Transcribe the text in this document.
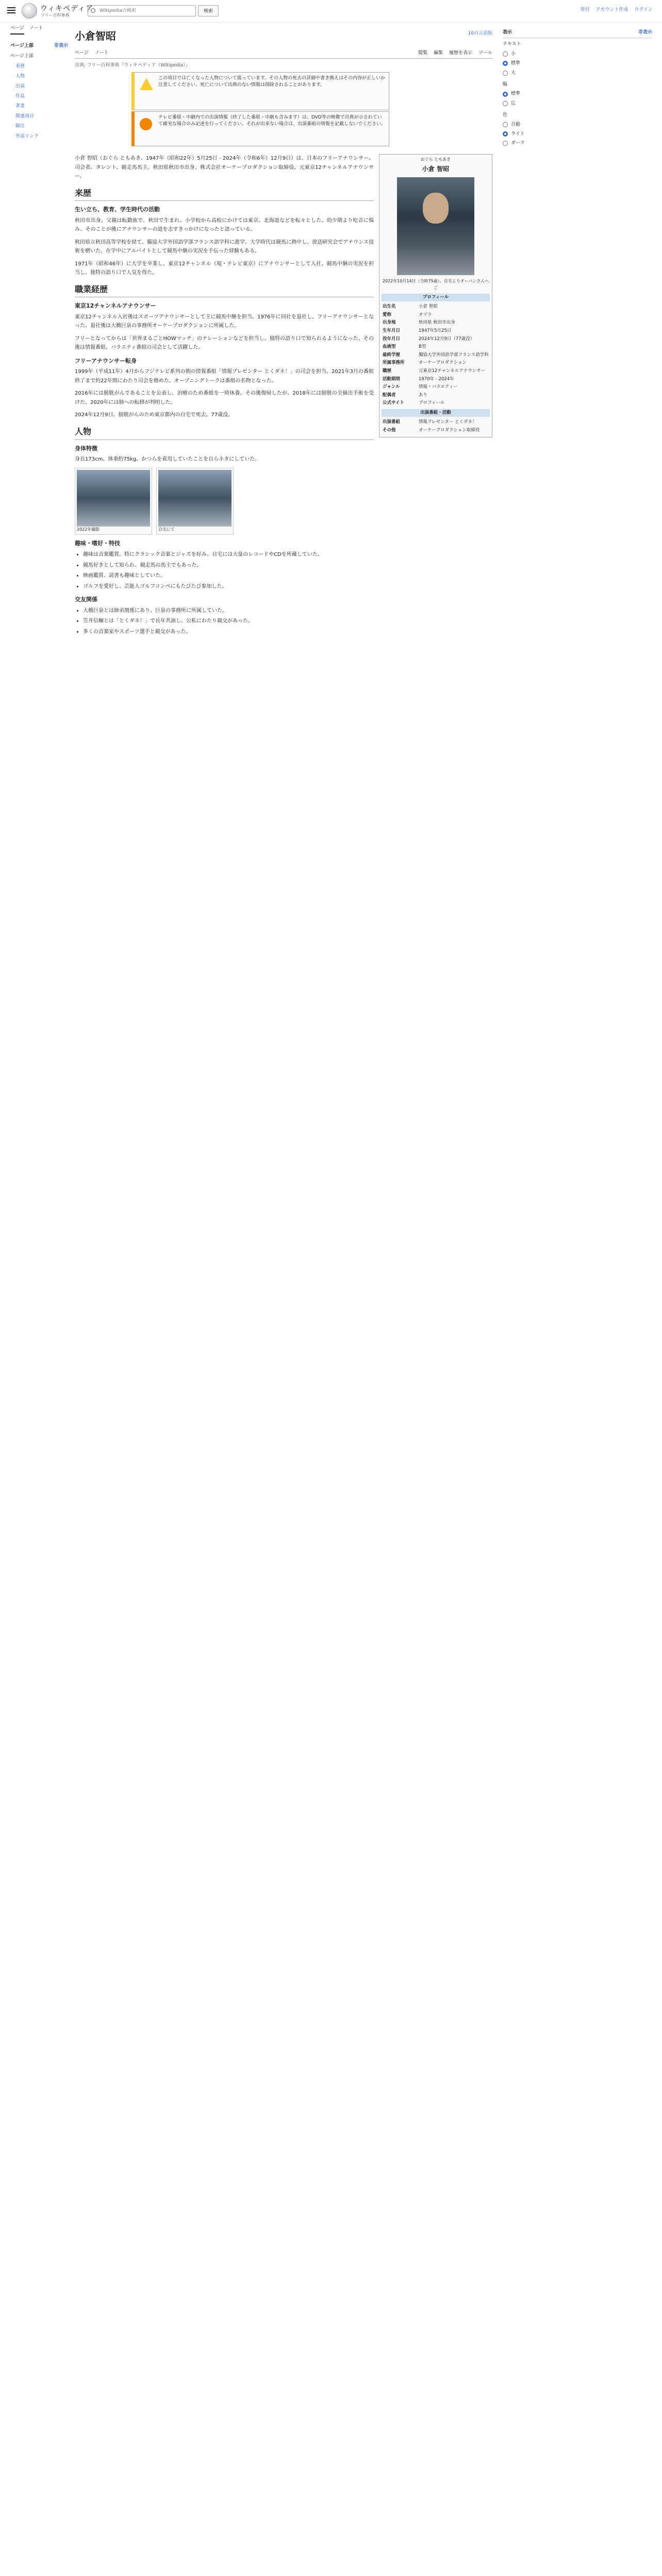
ウィキペディア
フリー百科事典
Wikipediaの検索	検索	寄付 アカウント作成 ログイン
ページ ノート
ページ上部	非表示
ページ上部
来歴
人物
出演
作品
著書
関連項目
脚注
外部リンク
小倉智昭	10の言語版
ページ ノート	閲覧 編集 履歴を表示 ツール
出典: フリー百科事典『ウィキペディア（Wikipedia）』
この項目では亡くなった人物について扱っています。その人物の死去の詳細や書き換えはその内容が正しいか注意してください。死亡について出典のない情報は削除されることがあります。
テレビ番組・中継内での出演情報（終了した番組・中継も含みます）は、DVD等の映像で出典が示されていて確実な場合のみ記述を行ってください。それが出来ない場合は、出演番組の情報を記載しないでください。
おぐら ともあき
小倉 智昭
2022年10月14日（当時75歳）、自宅よりオーバンさんへご
プロフィール
出生名	小倉 智昭
愛称	オヅラ
出身地	秋田県 秋田市出身
生年月日	1947年5月25日
没年月日	2024年12月9日（77歳没）
血液型	B型
最終学歴	獨協大学外国語学部フランス語学科
所属事務所	オーケープロダクション
職歴	元東京12チャンネルアナウンサー
活動期間	1970年 - 2024年
ジャンル	情報・バラエティー
配偶者	あり
公式サイト	プロフィール
出演番組・活動
出演番組	情報プレゼンター とくダネ！
その他	オーケープロダクション取締役

小倉 智昭（おぐら ともあき、1947年（昭和22年）5月25日 - 2024年（令和6年）12月9日）は、日本のフリーアナウンサー、司会者、タレント、競走馬馬主。秋田県秋田市出身。株式会社オーケープロダクション取締役。元東京12チャンネルアナウンサー。

来歴
生い立ち、教育、学生時代の活動

秋田市出身。父親は転勤族で、秋田で生まれ、小学校から高校にかけては東京、北海道などを転々とした。幼少期より吃音に悩み、そのことが後にアナウンサーの道を志すきっかけになったと語っている。

秋田県立秋田高等学校を経て、獨協大学外国語学部フランス語学科に進学。大学時代は競馬に熱中し、放送研究会でアナウンス技術を磨いた。在学中にアルバイトとして競馬中継の実況を手伝った経験もある。

1971年（昭和46年）に大学を卒業し、東京12チャンネル（現・テレビ東京）にアナウンサーとして入社。競馬中継の実況を担当し、独特の語り口で人気を得た。

職業経歴
東京12チャンネルアナウンサー

東京12チャンネル入社後はスポーツアナウンサーとして主に競馬中継を担当。1976年に同社を退社し、フリーアナウンサーとなった。退社後は大橋巨泉の事務所オーケープロダクションに所属した。

フリーとなってからは「世界まるごとHOWマッチ」のナレーションなどを担当し、独特の語り口で知られるようになった。その後は情報番組、バラエティ番組の司会として活躍した。

フリーアナウンサー転身

1999年（平成11年）4月からフジテレビ系列の朝の情報番組「情報プレゼンター とくダネ！」の司会を担当。2021年3月の番組終了まで約22年間にわたり司会を務めた。オープニングトークは番組の名物となった。

2016年には膀胱がんであることを公表し、治療のため番組を一時休養。その後復帰したが、2018年には膀胱の全摘出手術を受けた。2020年には肺への転移が判明した。

2024年12月9日、膀胱がんのため東京都内の自宅で死去。77歳没。

人物
身体特徴

身長173cm、体重約75kg。かつらを着用していたことを自らネタにしていた。

2022年撮影	自宅にて
趣味・嗜好・特技
• 趣味は音楽鑑賞。特にクラシック音楽とジャズを好み、自宅には大量のレコードやCDを所蔵していた。
• 競馬好きとして知られ、競走馬の馬主でもあった。
• 映画鑑賞、読書も趣味としていた。
• ゴルフを愛好し、芸能人ゴルフコンペにもたびたび参加した。
交友関係
• 大橋巨泉とは師弟関係にあり、巨泉の事務所に所属していた。
• 笠井信輔とは「とくダネ！」で長年共演し、公私にわたり親交があった。
• 多くの音楽家やスポーツ選手と親交があった。
表示	非表示
テキスト
小
標準
大
幅
標準
広
色
自動
ライト
ダーク
